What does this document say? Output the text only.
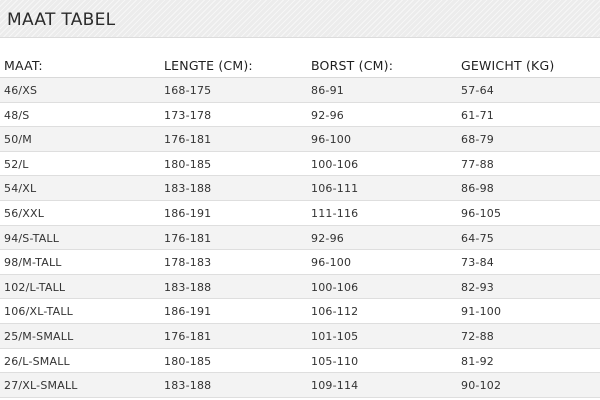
MAAT TABEL
MAAT:	LENGTE (CM):	BORST (CM):	GEWICHT (KG)
46/XS	168-175	86-91	57-64
48/S	173-178	92-96	61-71
50/M	176-181	96-100	68-79
52/L	180-185	100-106	77-88
54/XL	183-188	106-111	86-98
56/XXL	186-191	111-116	96-105
94/S-TALL	176-181	92-96	64-75
98/M-TALL	178-183	96-100	73-84
102/L-TALL	183-188	100-106	82-93
106/XL-TALL	186-191	106-112	91-100
25/M-SMALL	176-181	101-105	72-88
26/L-SMALL	180-185	105-110	81-92
27/XL-SMALL	183-188	109-114	90-102
